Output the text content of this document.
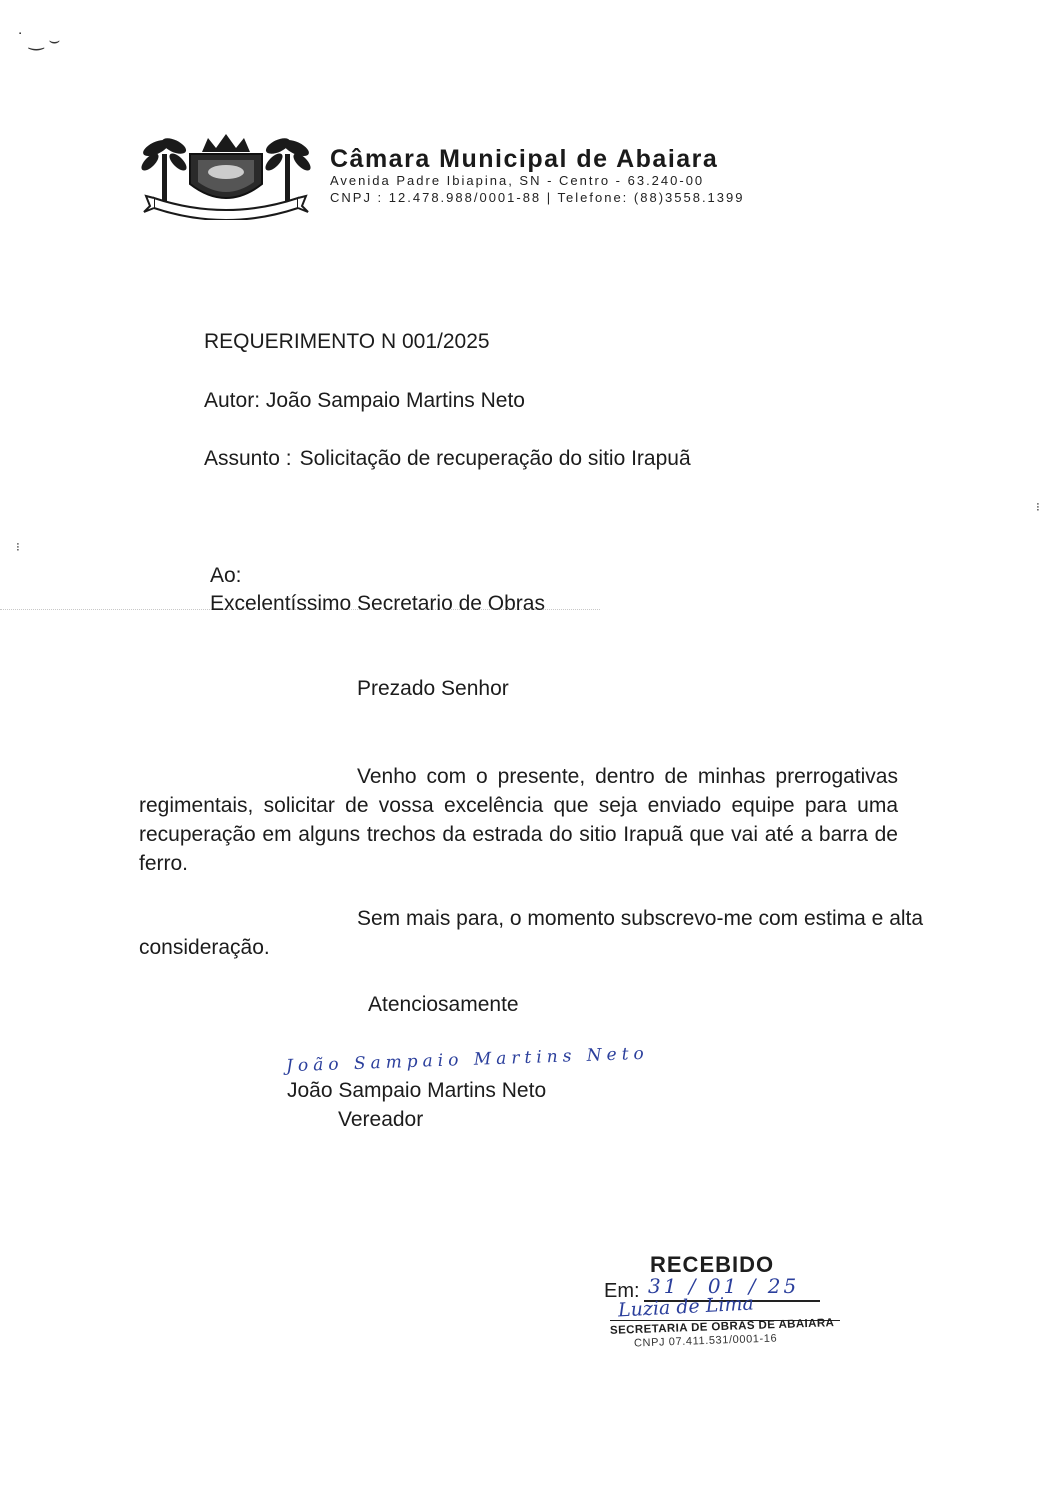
˙ ‿ ⌣
Câmara Municipal de Abaiara
Avenida Padre Ibiapina, SN - Centro - 63.240-00
CNPJ : 12.478.988/0001-88 | Telefone: (88)3558.1399
REQUERIMENTO N 001/2025
Autor: João Sampaio Martins Neto
Assunto : Solicitação de recuperação do sitio Irapuã
Ao:
Excelentíssimo Secretario de Obras
Prezado Senhor
Venho com o presente, dentro de minhas prerrogativas regimentais, solicitar de vossa excelência que seja enviado equipe para uma recuperação em alguns trechos da estrada do sitio Irapuã que vai até a barra de ferro.
Sem mais para, o momento subscrevo-me com estima e alta
consideração.
Atenciosamente
João Sampaio Martins Neto
João Sampaio Martins Neto
Vereador
RECEBIDO
Em: 31 / 01 / 25
Luzia de Lima
SECRETARIA DE OBRAS DE ABAIARA
CNPJ 07.411.531/0001-16
⁝
⁝
